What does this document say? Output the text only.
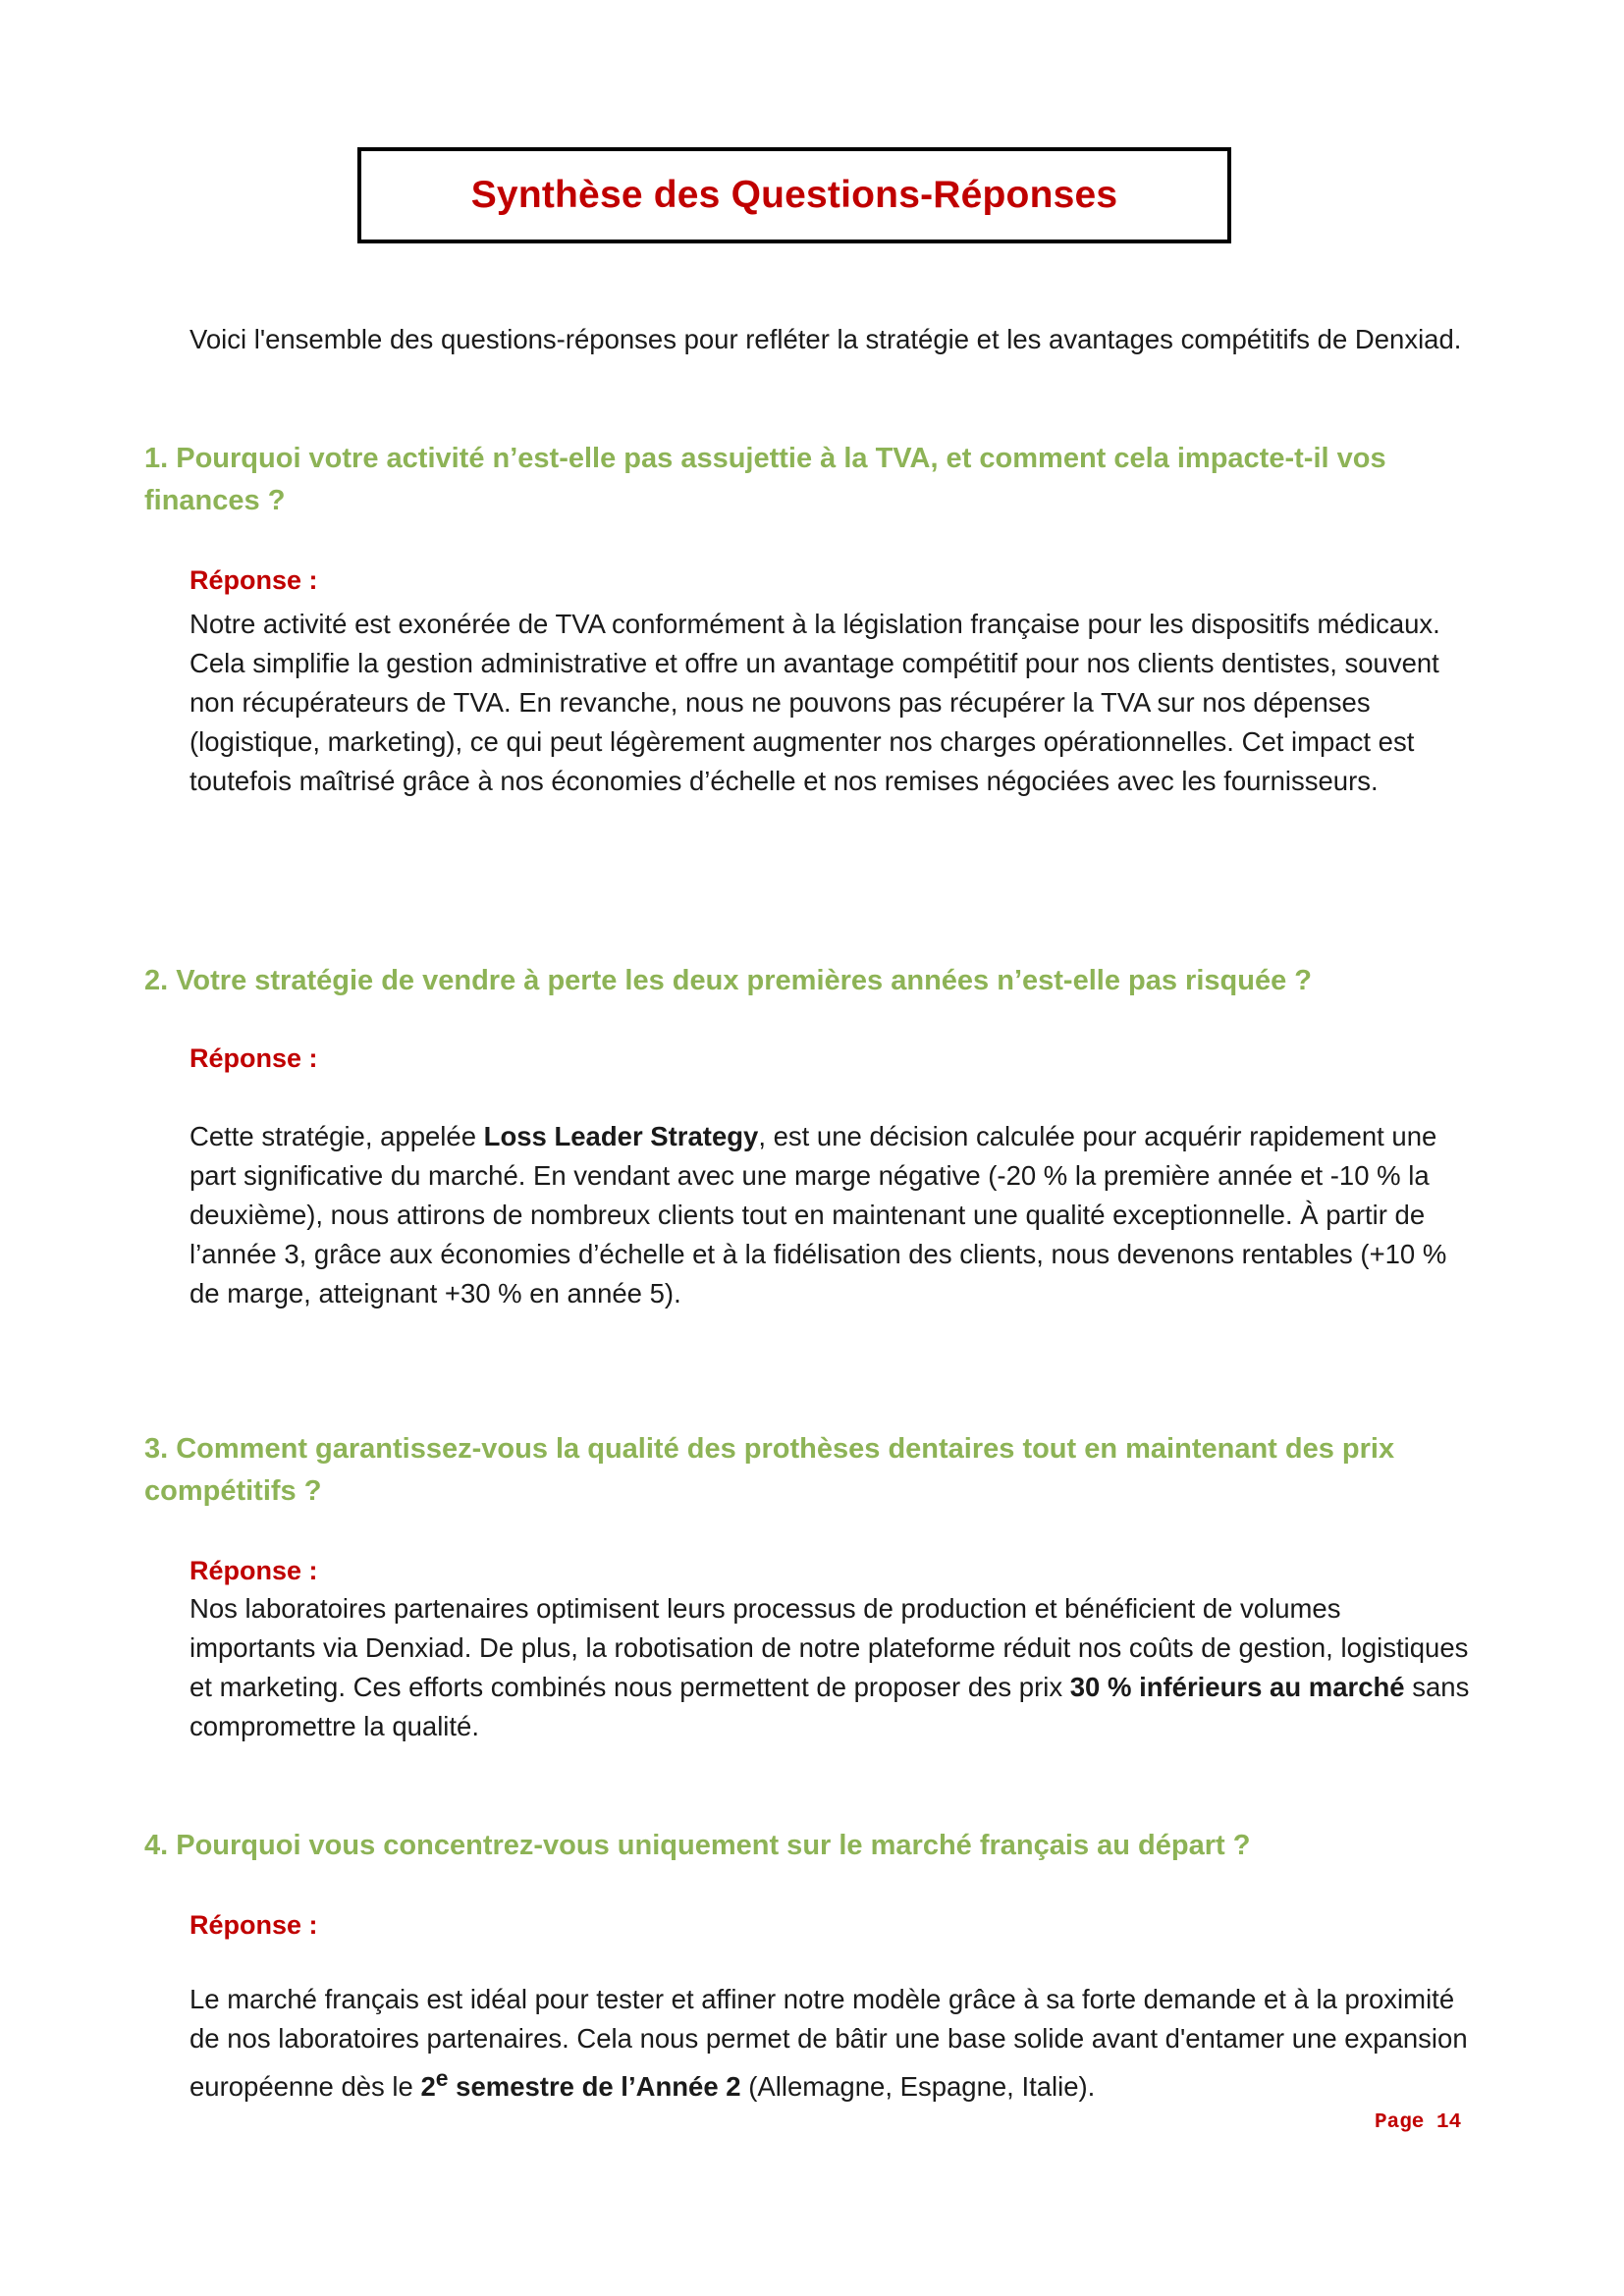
Synthèse des Questions-Réponses

Voici l'ensemble des questions-réponses pour refléter la stratégie et les avantages compétitifs de Denxiad.

1. Pourquoi votre activité n’est-elle pas assujettie à la TVA, et comment cela impacte-t-il vos finances ?

Réponse :

Notre activité est exonérée de TVA conformément à la législation française pour les dispositifs médicaux. Cela simplifie la gestion administrative et offre un avantage compétitif pour nos clients dentistes, souvent non récupérateurs de TVA. En revanche, nous ne pouvons pas récupérer la TVA sur nos dépenses (logistique, marketing), ce qui peut légèrement augmenter nos charges opérationnelles. Cet impact est toutefois maîtrisé grâce à nos économies d’échelle et nos remises négociées avec les fournisseurs.

2. Votre stratégie de vendre à perte les deux premières années n’est-elle pas risquée ?

Réponse :

Cette stratégie, appelée Loss Leader Strategy, est une décision calculée pour acquérir rapidement une part significative du marché. En vendant avec une marge négative (-20 % la première année et -10 % la deuxième), nous attirons de nombreux clients tout en maintenant une qualité exceptionnelle. À partir de l’année 3, grâce aux économies d’échelle et à la fidélisation des clients, nous devenons rentables (+10 % de marge, atteignant +30 % en année 5).

3. Comment garantissez-vous la qualité des prothèses dentaires tout en maintenant des prix compétitifs ?

Réponse :

Nos laboratoires partenaires optimisent leurs processus de production et bénéficient de volumes importants via Denxiad. De plus, la robotisation de notre plateforme réduit nos coûts de gestion, logistiques et marketing. Ces efforts combinés nous permettent de proposer des prix 30 % inférieurs au marché sans compromettre la qualité.

4. Pourquoi vous concentrez-vous uniquement sur le marché français au départ ?

Réponse :

Le marché français est idéal pour tester et affiner notre modèle grâce à sa forte demande et à la proximité de nos laboratoires partenaires. Cela nous permet de bâtir une base solide avant d'entamer une expansion européenne dès le 2e semestre de l’Année 2 (Allemagne, Espagne, Italie).

Page 14
